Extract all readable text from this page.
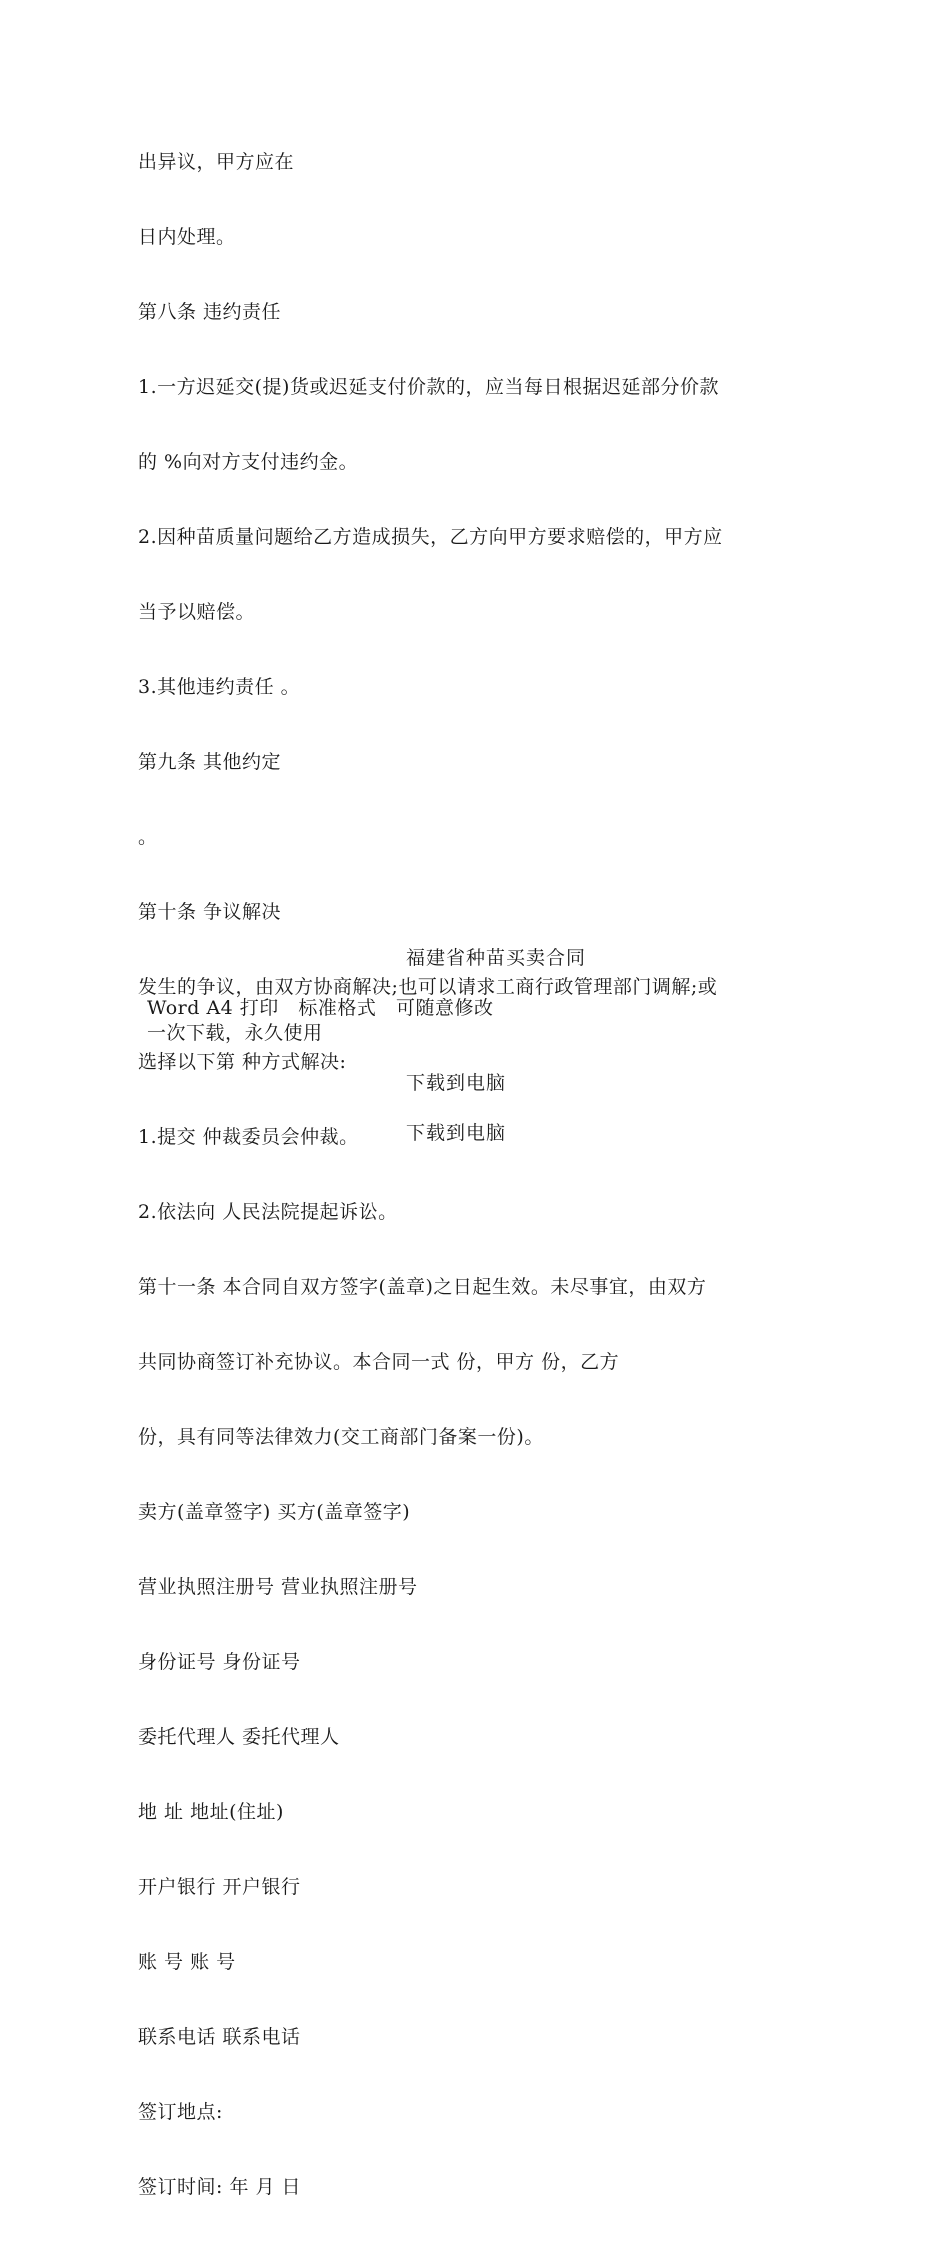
出异议，甲方应在

日内处理。

第八条 违约责任

1.一方迟延交(提)货或迟延支付价款的，应当每日根据迟延部分价款

的 %向对方支付违约金。

2.因种苗质量问题给乙方造成损失，乙方向甲方要求赔偿的，甲方应

当予以赔偿。

3.其他违约责任 。

第九条 其他约定

。

第十条 争议解决

发生的争议，由双方协商解决;也可以请求工商行政管理部门调解;或

选择以下第 种方式解决:

1.提交 仲裁委员会仲裁。

2.依法向 人民法院提起诉讼。

第十一条 本合同自双方签字(盖章)之日起生效。未尽事宜，由双方

共同协商签订补充协议。本合同一式 份，甲方 份，乙方

份，具有同等法律效力(交工商部门备案一份)。

卖方(盖章签字) 买方(盖章签字)

营业执照注册号 营业执照注册号

身份证号 身份证号

委托代理人 委托代理人

地 址 地址(住址)

开户银行 开户银行

账 号 账 号

联系电话 联系电话

签订地点:

签订时间: 年 月 日

福建省种苗买卖合同
Word A4 打印   标准格式   可随意修改
一次下载，永久使用
下载到电脑
下载到电脑
